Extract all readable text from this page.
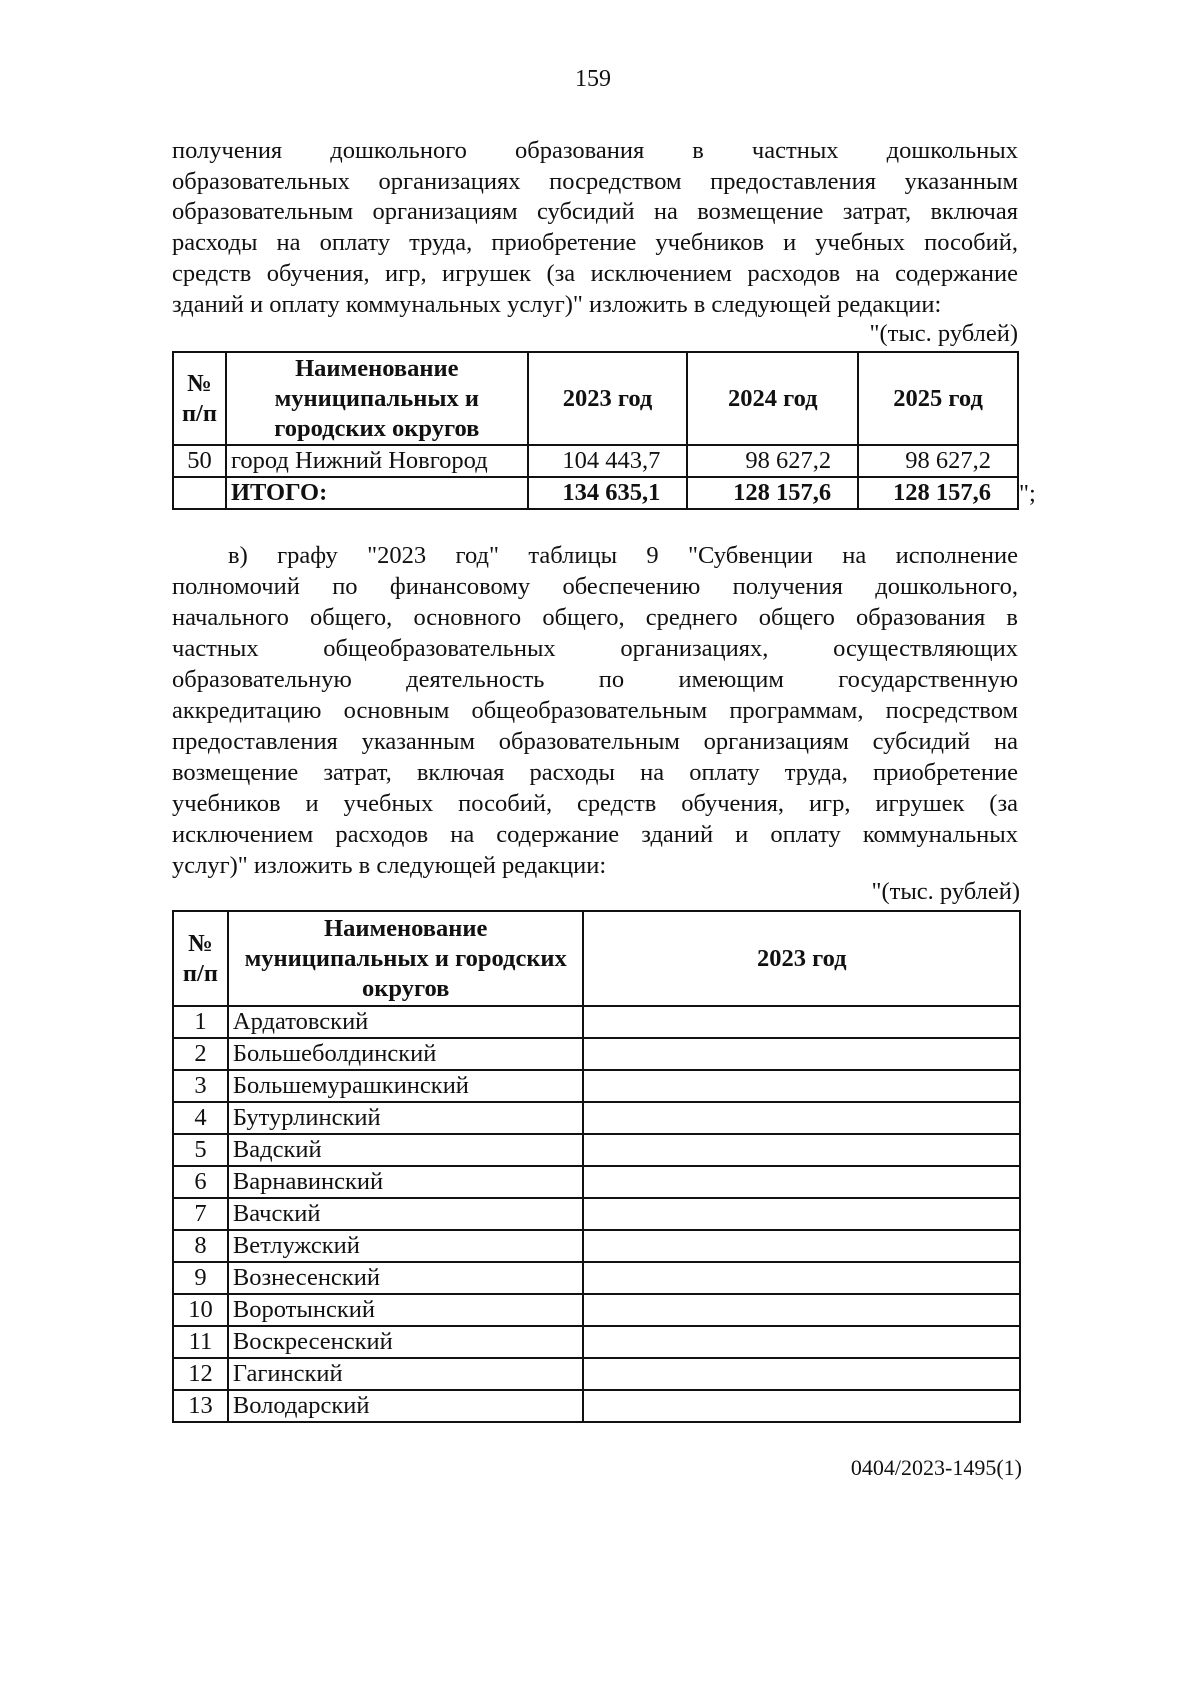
159
получения дошкольного образования в частных дошкольных
образовательных организациях посредством предоставления указанным
образовательным организациям субсидий на возмещение затрат, включая
расходы на оплату труда, приобретение учебников и учебных пособий,
средств обучения, игр, игрушек (за исключением расходов на содержание
зданий и оплату коммунальных услуг)" изложить в следующей редакции:
"(тыс. рублей)
№ п/п	Наименование муниципальных и городских округов	2023 год	2024 год	2025 год
50	город Нижний Новгород	104 443,7	98 627,2	98 627,2
	ИТОГО:	134 635,1	128 157,6	128 157,6 ";
в) графу "2023 год" таблицы 9 "Субвенции на исполнение
полномочий по финансовому обеспечению получения дошкольного,
начального общего, основного общего, среднего общего образования в
частных общеобразовательных организациях, осуществляющих
образовательную деятельность по имеющим государственную
аккредитацию основным общеобразовательным программам, посредством
предоставления указанным образовательным организациям субсидий на
возмещение затрат, включая расходы на оплату труда, приобретение
учебников и учебных пособий, средств обучения, игр, игрушек (за
исключением расходов на содержание зданий и оплату коммунальных
услуг)" изложить в следующей редакции:
"(тыс. рублей)
№ п/п	Наименование муниципальных и городских округов	2023 год
1	Ардатовский	
2	Большеболдинский	
3	Большемурашкинский	
4	Бутурлинский	
5	Вадский	
6	Варнавинский	
7	Вачский	
8	Ветлужский	
9	Вознесенский	
10	Воротынский	
11	Воскресенский	
12	Гагинский	
13	Володарский	
0404/2023-1495(1)
